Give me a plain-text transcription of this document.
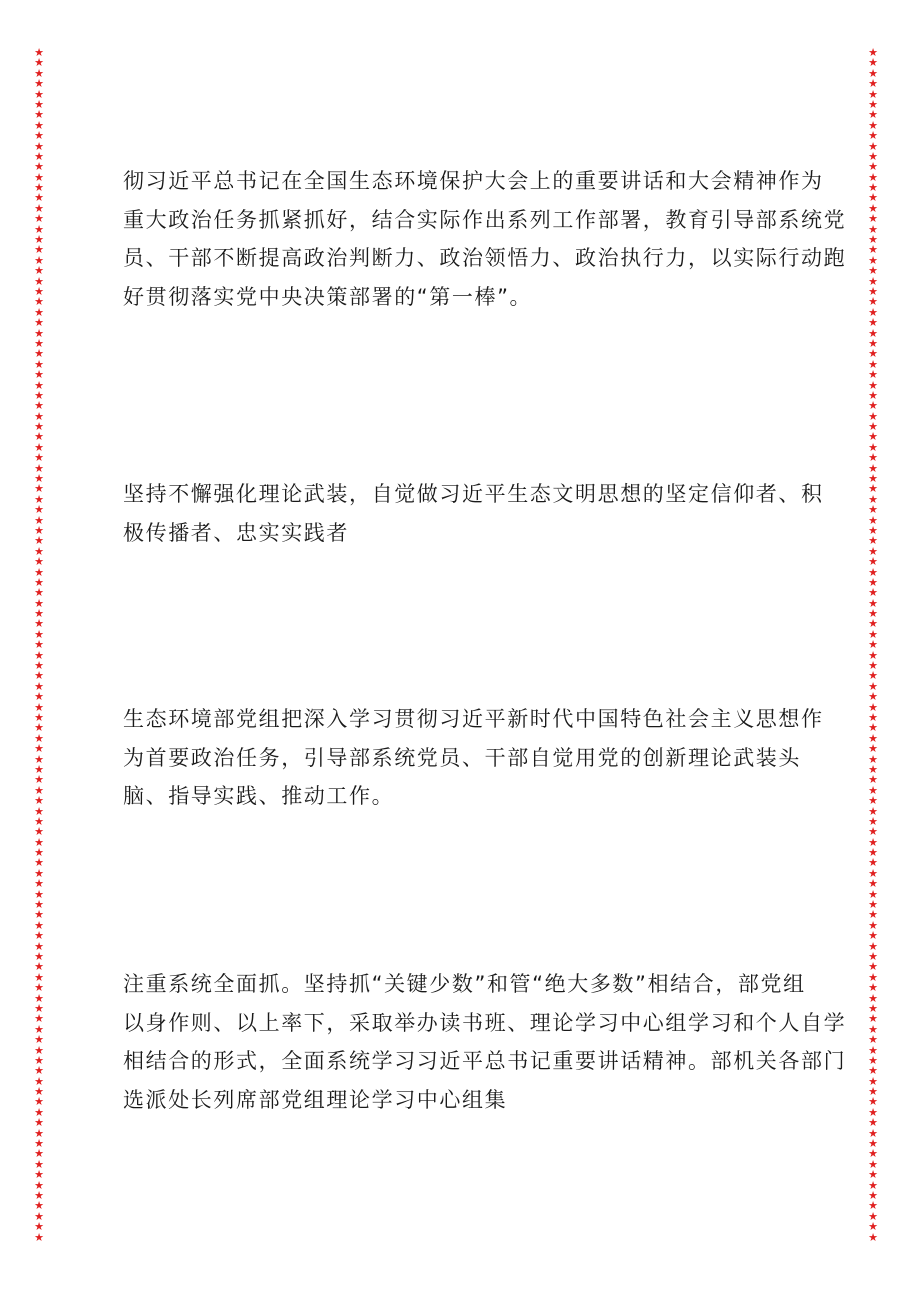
★
★
★
★
★
★
★
★
★
★
★
★
★
★
★
★
★
★
★
★
★
★
★
★
★
★
★
★
★
★
★
★
★
★
★
★
★
★
★
★
★
★
★
★
★
★
★
★
★
★
★
★
★
★
★
★
★
★
★
★
★
★
★
★
★
★
★
★
★
★
★
★
★
★
★
★
★
★
★
★
★
★
★
★
★
★
★
★
★
★
★
★
★
★
★
★
★
★
★
★
★
★
★
★
★
★
★
★
★
★
★
★
★
★
★
★
★
★
★
★
★
★
★
★
★
★
★
★
★
★
★
★
★
★
★
★
★
★
★
★
★
★
★
★
★
★
★
★
★
★
★
★
★
★
★
★
★
★
★
★
★
★
★
★
★
★
★
★
★
★
★
★
★
★
★
★
★
★
★
★
★
★
★
★
★
★
★
★
★
★
★
★
★
★
★
★
★
★
★
★
★
★
★
★
★
★
★
★
★
★
★
★
★
★
★
★
★
★
★
★
★
★
★
★
★
★
★
★
★
★

彻习近平总书记在全国生态环境保护大会上的重要讲话和大会精神作为
重大政治任务抓紧抓好，结合实际作出系列工作部署，教育引导部系统党
员、干部不断提高政治判断力、政治领悟力、政治执行力，以实际行动跑
好贯彻落实党中央决策部署的“第一棒”。

坚持不懈强化理论武装，自觉做习近平生态文明思想的坚定信仰者、积
极传播者、忠实实践者

生态环境部党组把深入学习贯彻习近平新时代中国特色社会主义思想作
为首要政治任务，引导部系统党员、干部自觉用党的创新理论武装头
脑、指导实践、推动工作。

注重系统全面抓。坚持抓“关键少数”和管“绝大多数”相结合，部党组
以身作则、以上率下，采取举办读书班、理论学习中心组学习和个人自学
相结合的形式，全面系统学习习近平总书记重要讲话精神。部机关各部门
选派处长列席部党组理论学习中心组集
